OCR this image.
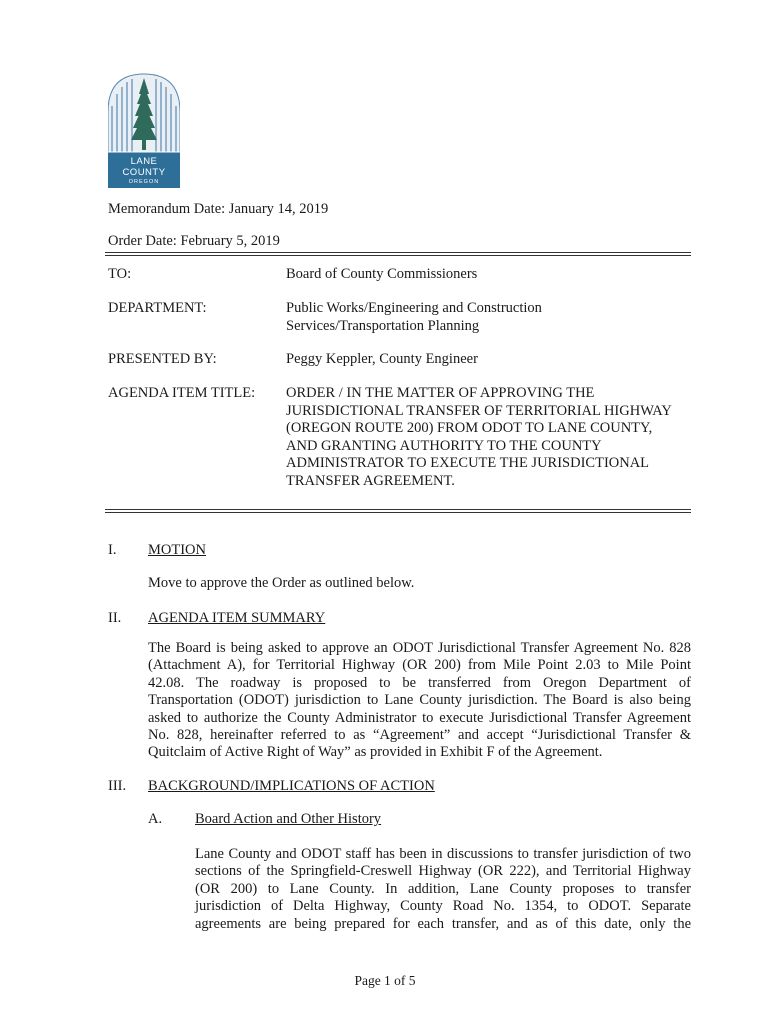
LANE
COUNTY
OREGON
Memorandum Date: January 14, 2019
Order Date: February 5, 2019
TO:	Board of County Commissioners
DEPARTMENT:	Public Works/Engineering and Construction
Services/Transportation Planning
PRESENTED BY:	Peggy Keppler, County Engineer
AGENDA ITEM TITLE: ORDER / IN THE MATTER OF APPROVING THE
JURISDICTIONAL TRANSFER OF TERRITORIAL HIGHWAY
(OREGON ROUTE 200) FROM ODOT TO LANE COUNTY,
AND GRANTING AUTHORITY TO THE COUNTY
ADMINISTRATOR TO EXECUTE THE JURISDICTIONAL
TRANSFER AGREEMENT.
I. MOTION
Move to approve the Order as outlined below.
II. AGENDA ITEM SUMMARY
The Board is being asked to approve an ODOT Jurisdictional Transfer Agreement No. 828
(Attachment A), for Territorial Highway (OR 200) from Mile Point 2.03 to Mile Point
42.08. The roadway is proposed to be transferred from Oregon Department of
Transportation (ODOT) jurisdiction to Lane County jurisdiction. The Board is also being
asked to authorize the County Administrator to execute Jurisdictional Transfer Agreement
No. 828, hereinafter referred to as “Agreement” and accept “Jurisdictional Transfer &
Quitclaim of Active Right of Way” as provided in Exhibit F of the Agreement.
III. BACKGROUND/IMPLICATIONS OF ACTION
A. Board Action and Other History
Lane County and ODOT staff has been in discussions to transfer jurisdiction of two
sections of the Springfield-Creswell Highway (OR 222), and Territorial Highway
(OR 200) to Lane County. In addition, Lane County proposes to transfer
jurisdiction of Delta Highway, County Road No. 1354, to ODOT. Separate
agreements are being prepared for each transfer, and as of this date, only the
Page 1 of 5
